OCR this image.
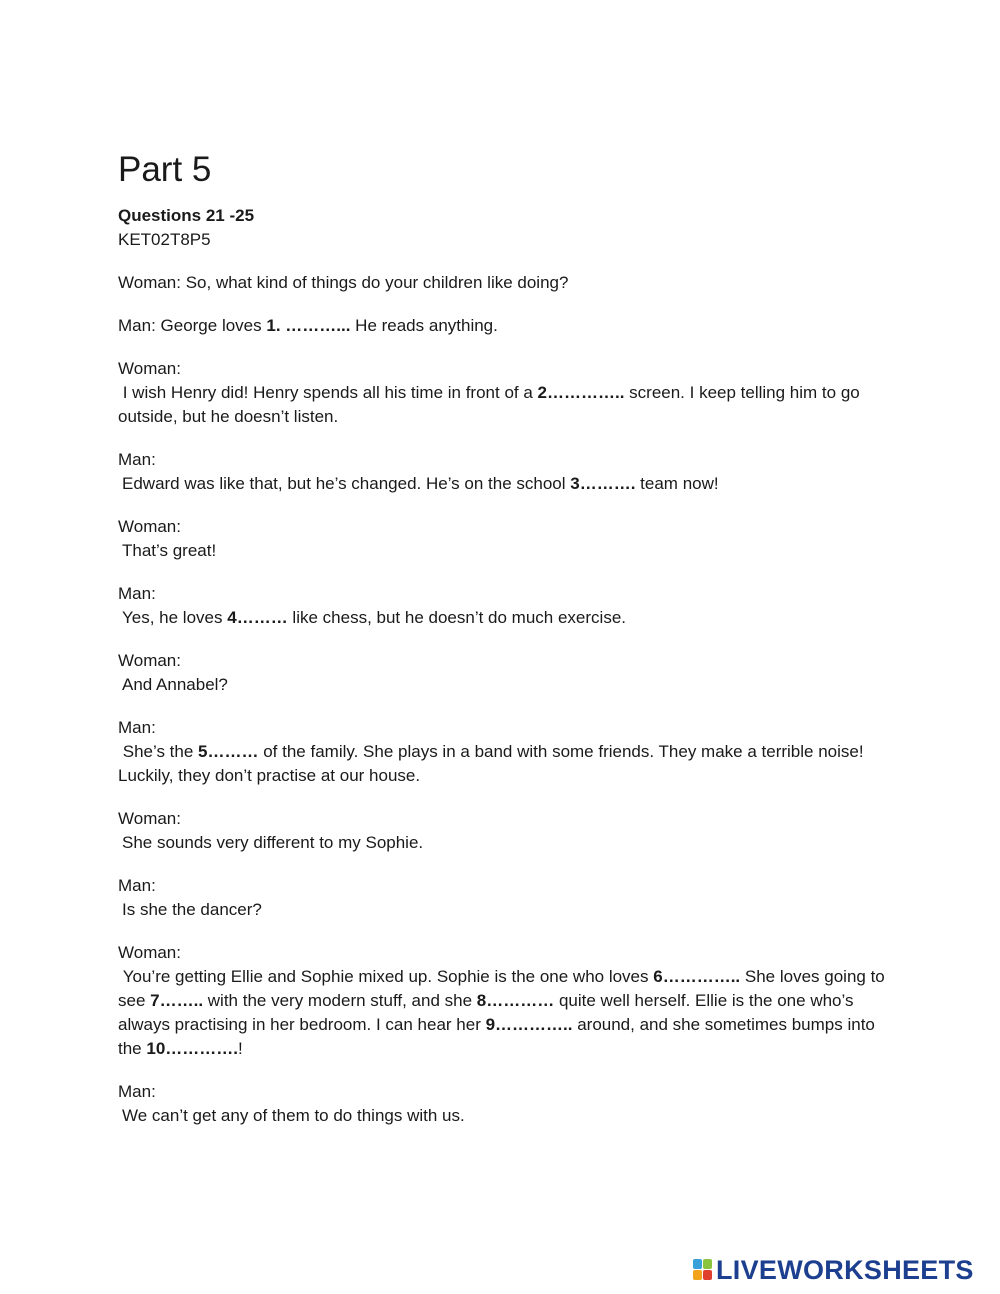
Part 5
Questions 21 -25
KET02T8P5
Woman: So, what kind of things do your children like doing?
Man: George loves 1. ………... He reads anything.
Woman:
I wish Henry did! Henry spends all his time in front of a 2………….. screen. I keep telling him to go outside, but he doesn’t listen.
Man:
Edward was like that, but he’s changed. He’s on the school 3………. team now!
Woman:
That’s great!
Man:
Yes, he loves 4……… like chess, but he doesn’t do much exercise.
Woman:
And Annabel?
Man:
She’s the 5……… of the family. She plays in a band with some friends. They make a terrible noise! Luckily, they don’t practise at our house.
Woman:
She sounds very different to my Sophie.
Man:
Is she the dancer?
Woman:
You’re getting Ellie and Sophie mixed up. Sophie is the one who loves 6………….. She loves going to see 7…….. with the very modern stuff, and she 8………… quite well herself. Ellie is the one who’s always practising in her bedroom. I can hear her 9………….. around, and she sometimes bumps into the 10………….!
Man:
We can’t get any of them to do things with us.
LIVEWORKSHEETS
